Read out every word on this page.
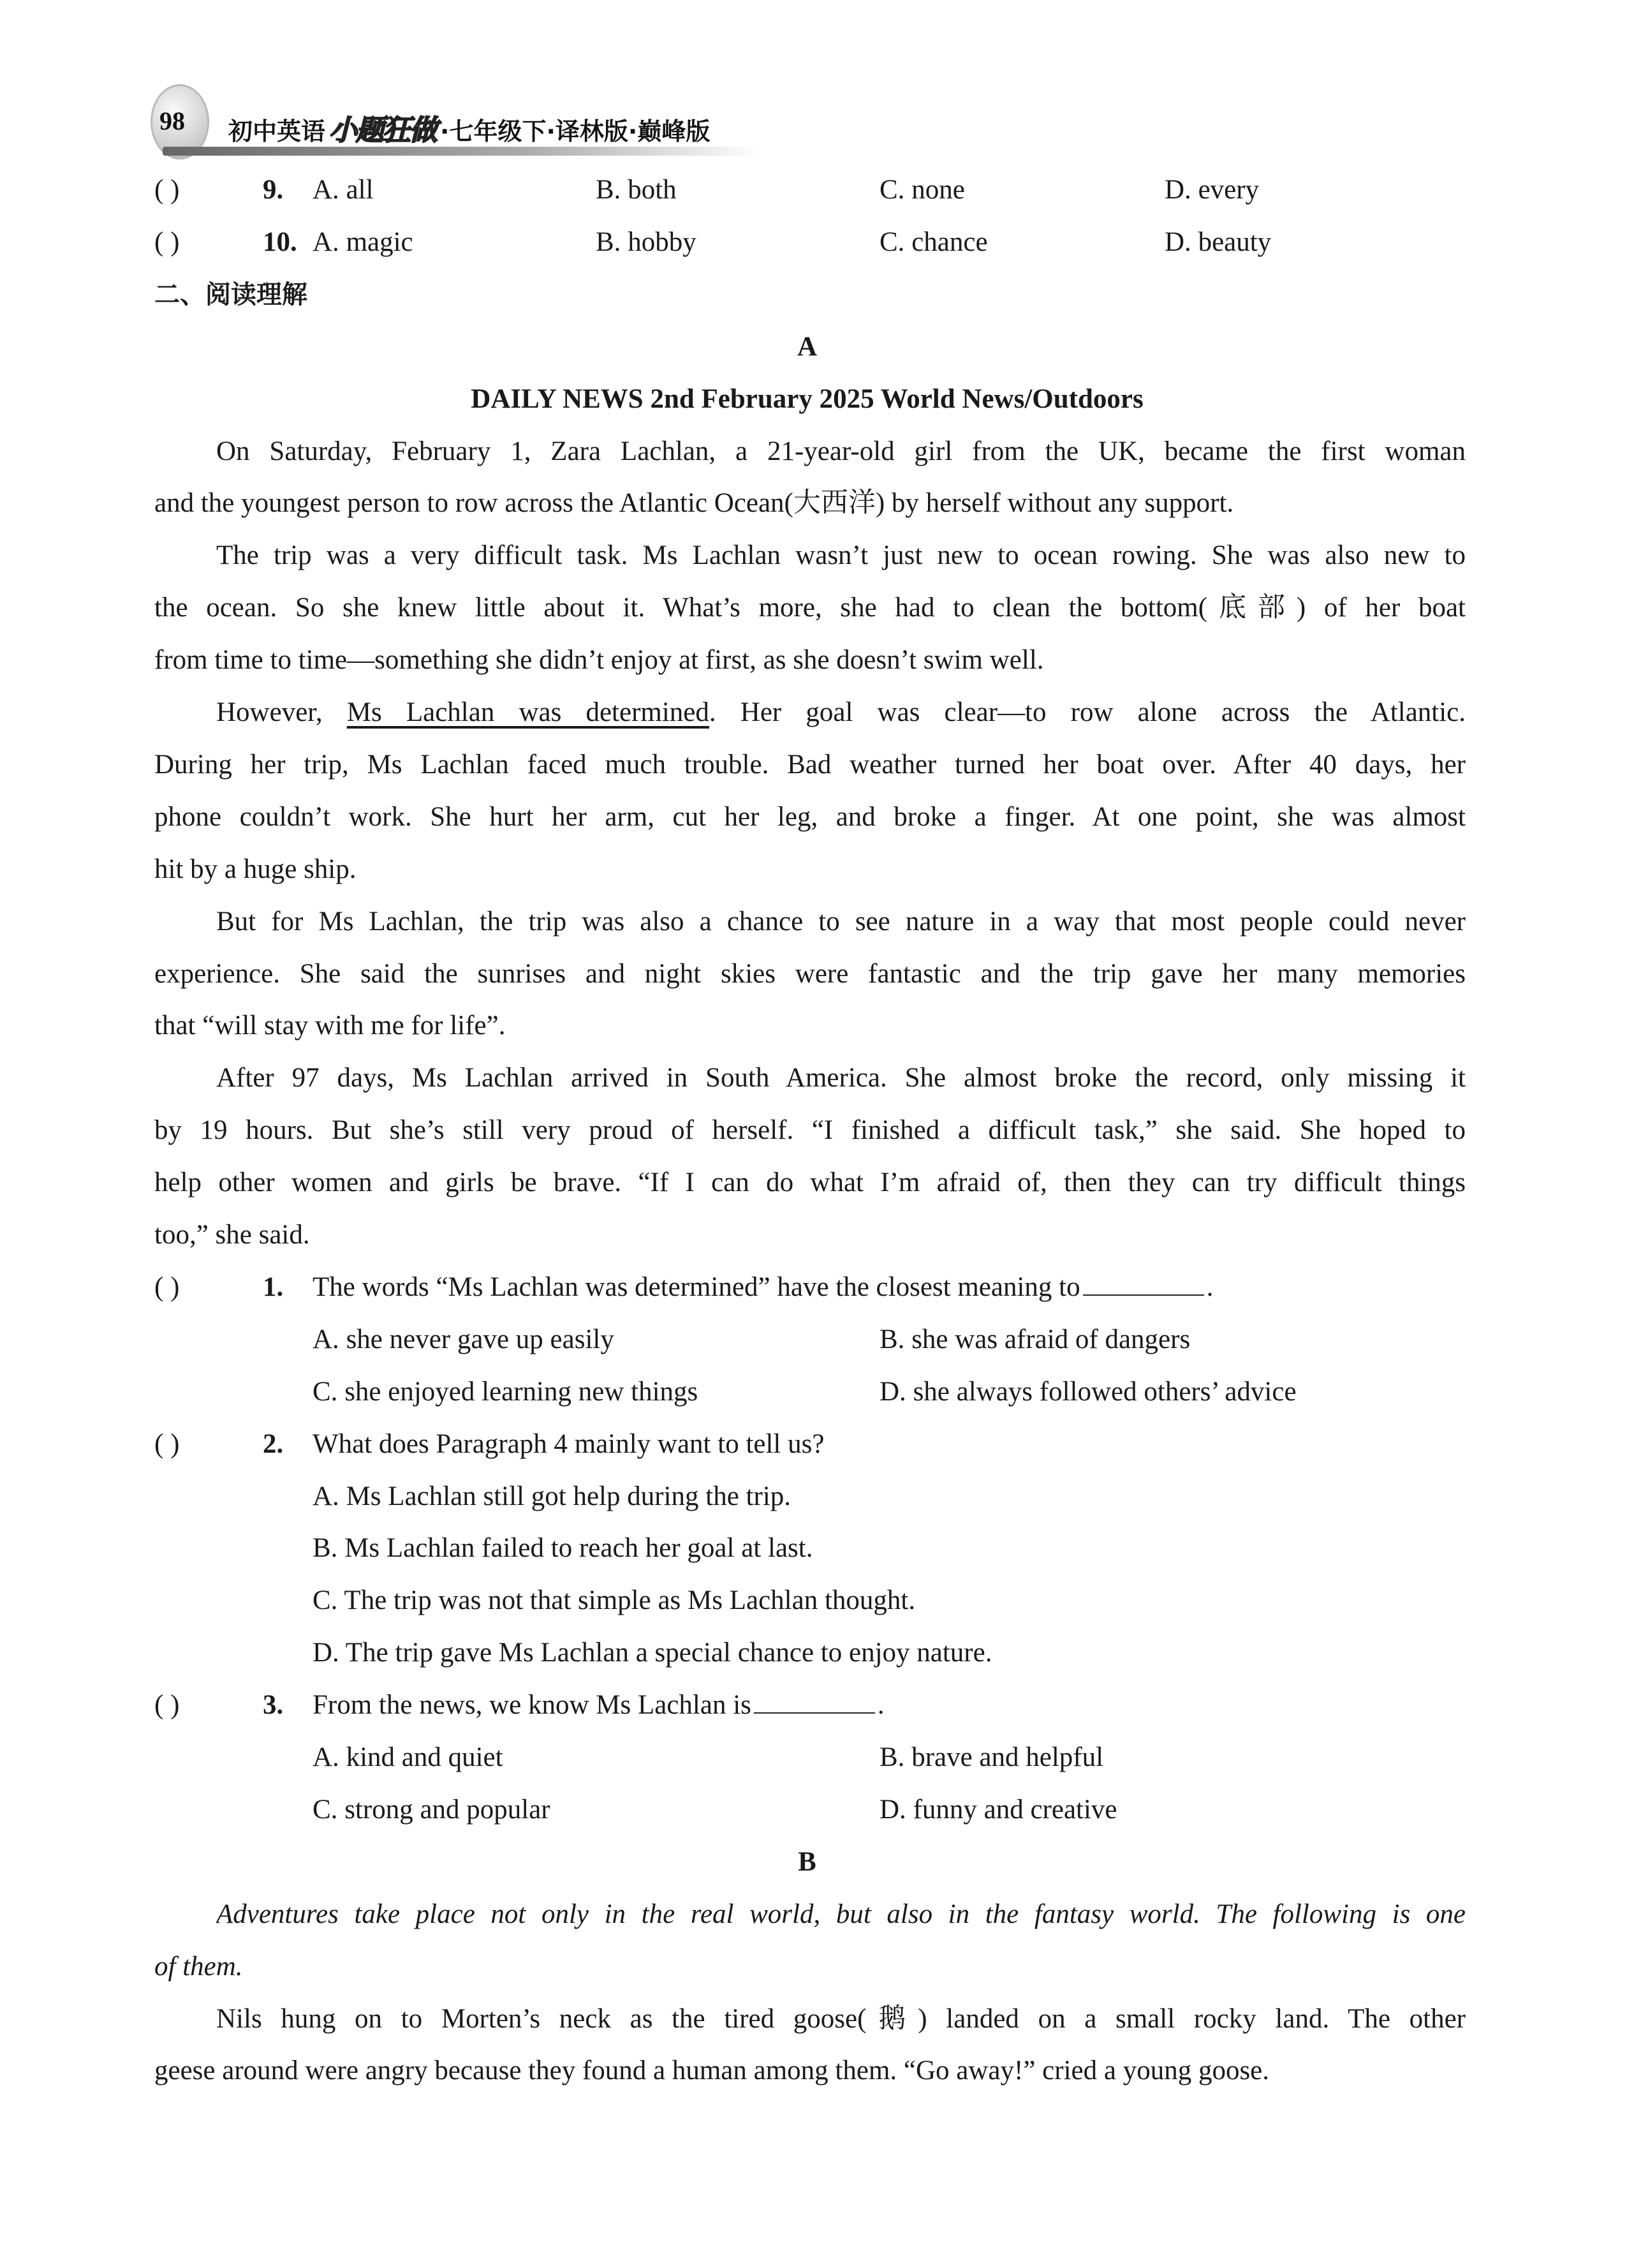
98 初中英语 小题狂做 ·七年级下·译林版·巅峰版
( )	9. A. all	B. both	C. none	D. every
( )	10. A. magic	B. hobby	C. chance	D. beauty
二、阅读理解
A
DAILY NEWS 2nd February 2025 World News/Outdoors
On Saturday, February 1, Zara Lachlan, a 21-year-old girl from the UK, became the first woman
and the youngest person to row across the Atlantic Ocean(大西洋) by herself without any support.
The trip was a very difficult task. Ms Lachlan wasn’t just new to ocean rowing. She was also new to
the ocean. So she knew little about it. What’s more, she had to clean the bottom(底部) of her boat
from time to time—something she didn’t enjoy at first, as she doesn’t swim well.
However, Ms Lachlan was determined. Her goal was clear—to row alone across the Atlantic.
During her trip, Ms Lachlan faced much trouble. Bad weather turned her boat over. After 40 days, her
phone couldn’t work. She hurt her arm, cut her leg, and broke a finger. At one point, she was almost
hit by a huge ship.
But for Ms Lachlan, the trip was also a chance to see nature in a way that most people could never
experience. She said the sunrises and night skies were fantastic and the trip gave her many memories
that “will stay with me for life”.
After 97 days, Ms Lachlan arrived in South America. She almost broke the record, only missing it
by 19 hours. But she’s still very proud of herself. “I finished a difficult task,” she said. She hoped to
help other women and girls be brave. “If I can do what I’m afraid of, then they can try difficult things
too,” she said.
( )	1. The words “Ms Lachlan was determined” have the closest meaning to	.
A. she never gave up easily	B. she was afraid of dangers
C. she enjoyed learning new things	D. she always followed others’ advice
( )	2. What does Paragraph 4 mainly want to tell us?
A. Ms Lachlan still got help during the trip.
B. Ms Lachlan failed to reach her goal at last.
C. The trip was not that simple as Ms Lachlan thought.
D. The trip gave Ms Lachlan a special chance to enjoy nature.
( )	3. From the news, we know Ms Lachlan is	.
A. kind and quiet	B. brave and helpful
C. strong and popular	D. funny and creative
B
Adventures take place not only in the real world, but also in the fantasy world. The following is one
of them.
Nils hung on to Morten’s neck as the tired goose(鹅) landed on a small rocky land. The other
geese around were angry because they found a human among them. “Go away!” cried a young goose.
